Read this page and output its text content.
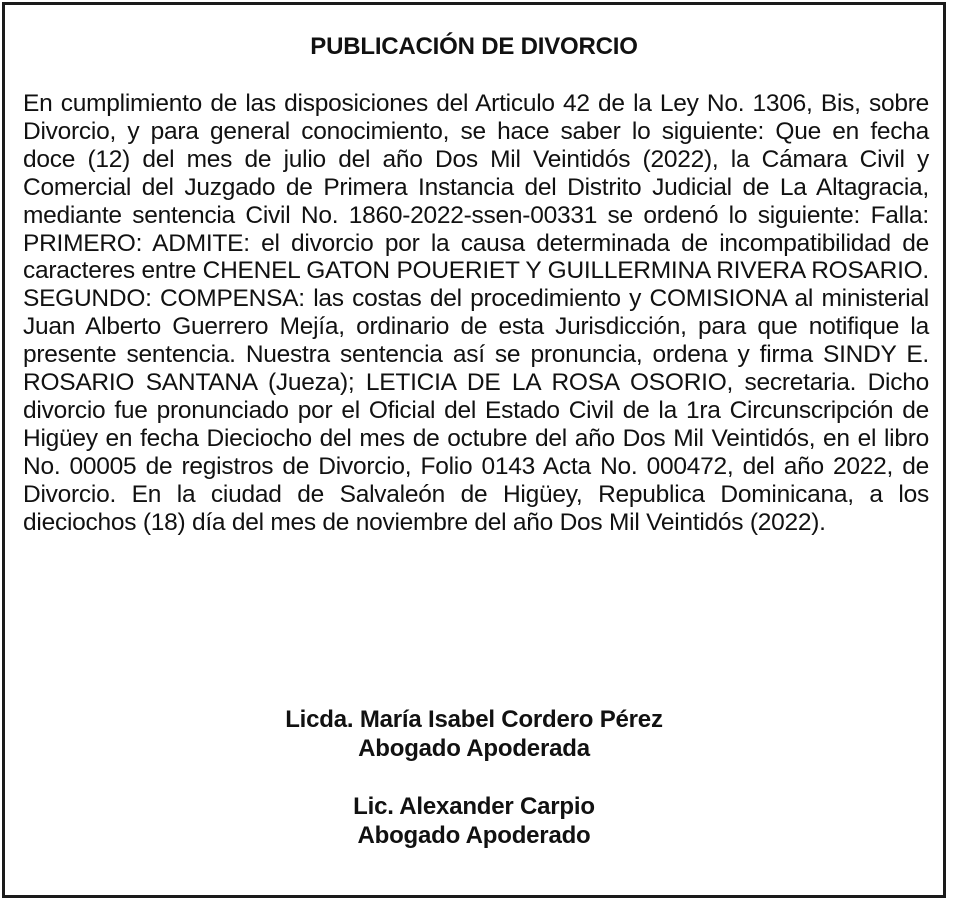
PUBLICACIÓN DE DIVORCIO

En cumplimiento de las disposiciones del Articulo 42 de la Ley No. 1306, Bis, sobre Divorcio, y para general conocimiento, se hace saber lo siguiente: Que en fecha doce (12) del mes de julio del año Dos Mil Veintidós (2022), la Cámara Civil y Comercial del Juzgado de Primera Instancia del Distrito Judicial de La Altagracia, mediante sentencia Civil No. 1860-2022-ssen-00331 se ordenó lo siguiente: Falla: PRIMERO: ADMITE: el divorcio por la causa determinada de incompatibilidad de caracteres entre CHENEL GATON POUERIET Y GUILLERMINA RIVERA ROSARIO. SEGUNDO: COMPENSA: las costas del procedimiento y COMISIONA al ministerial Juan Alberto Guerrero Mejía, ordinario de esta Jurisdicción, para que notifique la presente sentencia. Nuestra sentencia así se pronuncia, ordena y firma SINDY E. ROSARIO SANTANA (Jueza); LETICIA DE LA ROSA OSORIO, secretaria. Dicho divorcio fue pronunciado por el Oficial del Estado Civil de la 1ra Circunscripción de Higüey en fecha Dieciocho del mes de octubre del año Dos Mil Veintidós, en el libro No. 00005 de registros de Divorcio, Folio 0143 Acta No. 000472, del año 2022, de Divorcio. En la ciudad de Salvaleón de Higüey, Republica Dominicana, a los dieciochos (18) día del mes de noviembre del año Dos Mil Veintidós (2022).

Licda. María Isabel Cordero Pérez
Abogado Apoderada
Lic. Alexander Carpio
Abogado Apoderado
